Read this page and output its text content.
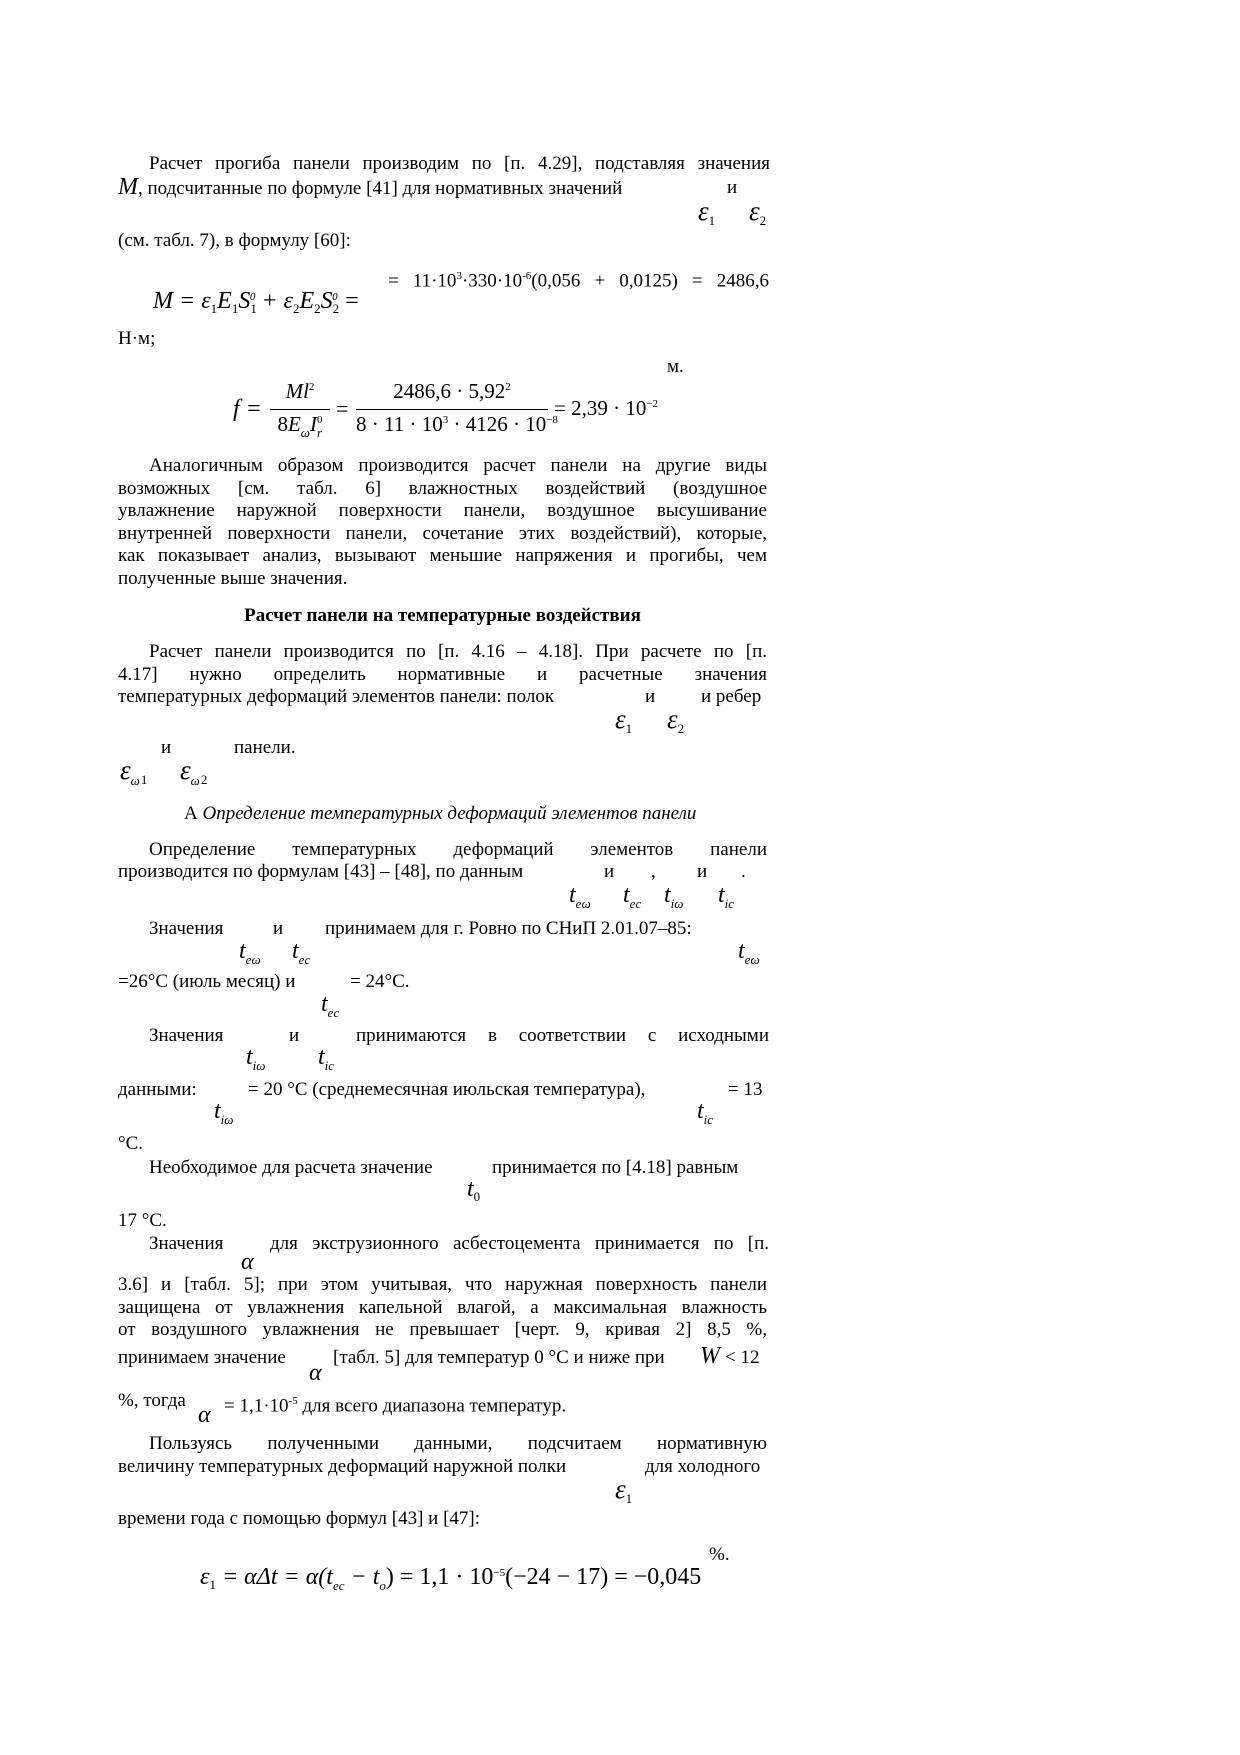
Расчет прогиба панели производим по [п. 4.29], подставляя значения
M, подсчитанные по формуле [41] для нормативных значений	и
$\varepsilon_1$ $\varepsilon_2$
(см. табл. 7), в формулу [60]:
$M = \varepsilon_1E_1S_1^0 + \varepsilon_2E_2S_2^0$ =
= $11\cdot 10^3\cdot 330\cdot 10^{-6}(0,056 + 0,0125) = 2486,6$
Н·м;
м.
f =
$Ml^2$
$8E_\omega I_r^0$ =
$2486,6 \cdot 5,92^2$
$8 \cdot 11 \cdot 10^3 \cdot 4126 \cdot 10^{-8}$
= $2,39 \cdot 10^{-2}$
Аналогичным образом производится расчет панели на другие виды
возможных [см. табл. 6] влажностных воздействий (воздушное
увлажнение наружной поверхности панели, воздушное высушивание
внутренней поверхности панели, сочетание этих воздействий), которые,
как показывает анализ, вызывают меньшие напряжения и прогибы, чем
полученные выше значения.
Расчет панели на температурные воздействия
Расчет панели производится по [п. 4.16 – 4.18]. При расчете по [п.
4.17] нужно определить нормативные и расчетные значения
температурных деформаций элементов панели: полок	и и ребер
$\varepsilon_1$ $\varepsilon_2$
и	панели.
$\varepsilon_{\omega 1}$ $\varepsilon_{\omega 2}$
А Определение температурных деформаций элементов панели
Определение температурных деформаций элементов панели
производится по формулам [43] – [48], по данным	и , и .
$t_{e\omega}$ $t_{ec}$ $t_{i\omega}$ $t_{ic}$
Значения	и принимаем для г. Ровно по СНиП 2.01.07–85:
$t_{e\omega}$ $t_{ec}$	$t_{e\omega}$
=26°С (июль месяц) и	= 24°С.
$t_{ec}$
Значения	и	принимаются в соответствии с исходными
$t_{i\omega}$ $t_{ic}$
данными:	= 20 °С (среднемесячная июльская температура),	= 13
$t_{i\omega}$	$t_{ic}$
°С.
Необходимое для расчета значение	принимается по [4.18] равным
$t_0$
17 °С.
Значения для экструзионного асбестоцемента принимается по [п.
α
3.6] и [табл. 5]; при этом учитывая, что наружная поверхность панели
защищена от увлажнения капельной влагой, а максимальная влажность
от воздушного увлажнения не превышает [черт. 9, кривая 2] 8,5 %,
принимаем значение
α
[табл. 5] для температур 0 °С и ниже при W < 12
%, тогда
$\alpha = 1,1\cdot 10^{-5}$ для всего диапазона температур.
Пользуясь полученными данными, подсчитаем нормативную
величину температурных деформаций наружной полки	для холодного
$\varepsilon_1$
времени года с помощью формул [43] и [47]:
%.
$\varepsilon_1 = \alpha\Delta t = \alpha(t_{ec} - t_o) = 1,1 \cdot 10^{-5}(-24 - 17) = -0,045$
